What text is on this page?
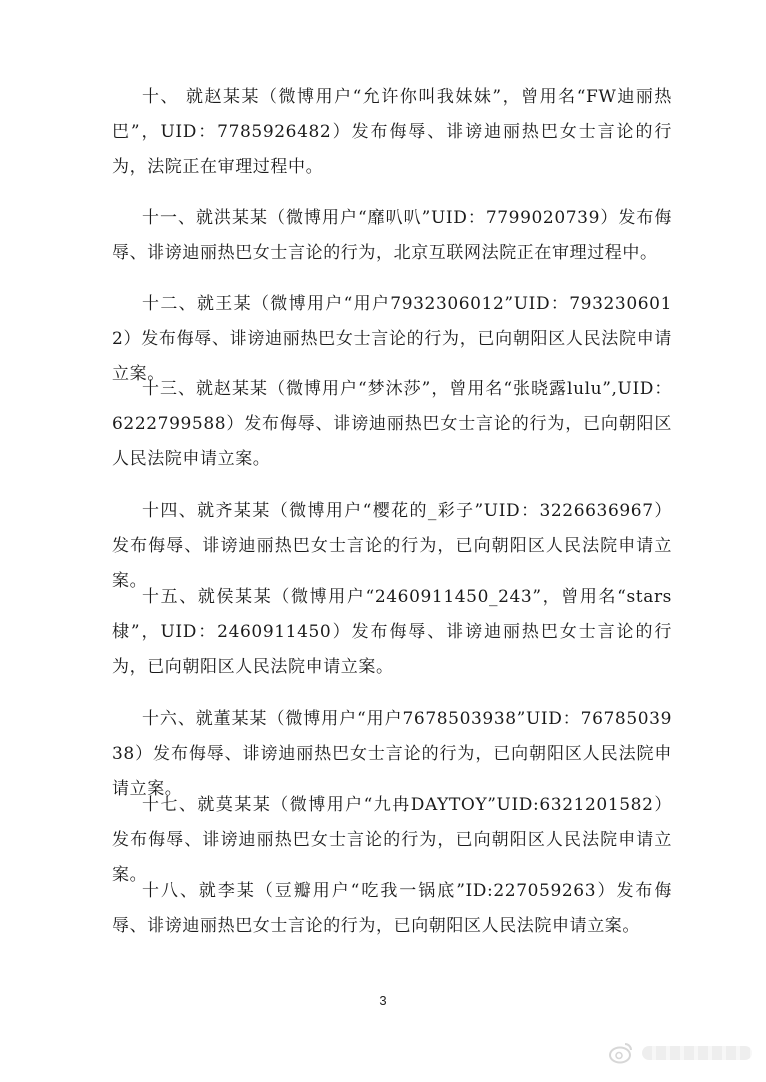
十、 就赵某某（微博用户“允许你叫我妹妹”，曾用名“FW迪丽热巴”，UID：7785926482）发布侮辱、诽谤迪丽热巴女士言论的行为，法院正在审理过程中。

十一、就洪某某（微博用户“靡叭叭”UID：7799020739）发布侮辱、诽谤迪丽热巴女士言论的行为，北京互联网法院正在审理过程中。

十二、就王某（微博用户“用户7932306012”UID：7932306012）发布侮辱、诽谤迪丽热巴女士言论的行为，已向朝阳区人民法院申请立案。

十三、就赵某某（微博用户“梦沐莎”，曾用名“张晓露lulu”,UID：6222799588）发布侮辱、诽谤迪丽热巴女士言论的行为，已向朝阳区人民法院申请立案。

十四、就齐某某（微博用户“樱花的_彩子”UID：3226636967）发布侮辱、诽谤迪丽热巴女士言论的行为，已向朝阳区人民法院申请立案。

十五、就侯某某（微博用户“2460911450_243”，曾用名“stars棣”，UID：2460911450）发布侮辱、诽谤迪丽热巴女士言论的行为，已向朝阳区人民法院申请立案。

十六、就董某某（微博用户“用户7678503938”UID：7678503938）发布侮辱、诽谤迪丽热巴女士言论的行为，已向朝阳区人民法院申请立案。

十七、就莫某某（微博用户“九冉DAYTOY”UID:6321201582）发布侮辱、诽谤迪丽热巴女士言论的行为，已向朝阳区人民法院申请立案。

十八、就李某（豆瓣用户“吃我一锅底”ID:227059263）发布侮辱、诽谤迪丽热巴女士言论的行为，已向朝阳区人民法院申请立案。

3
